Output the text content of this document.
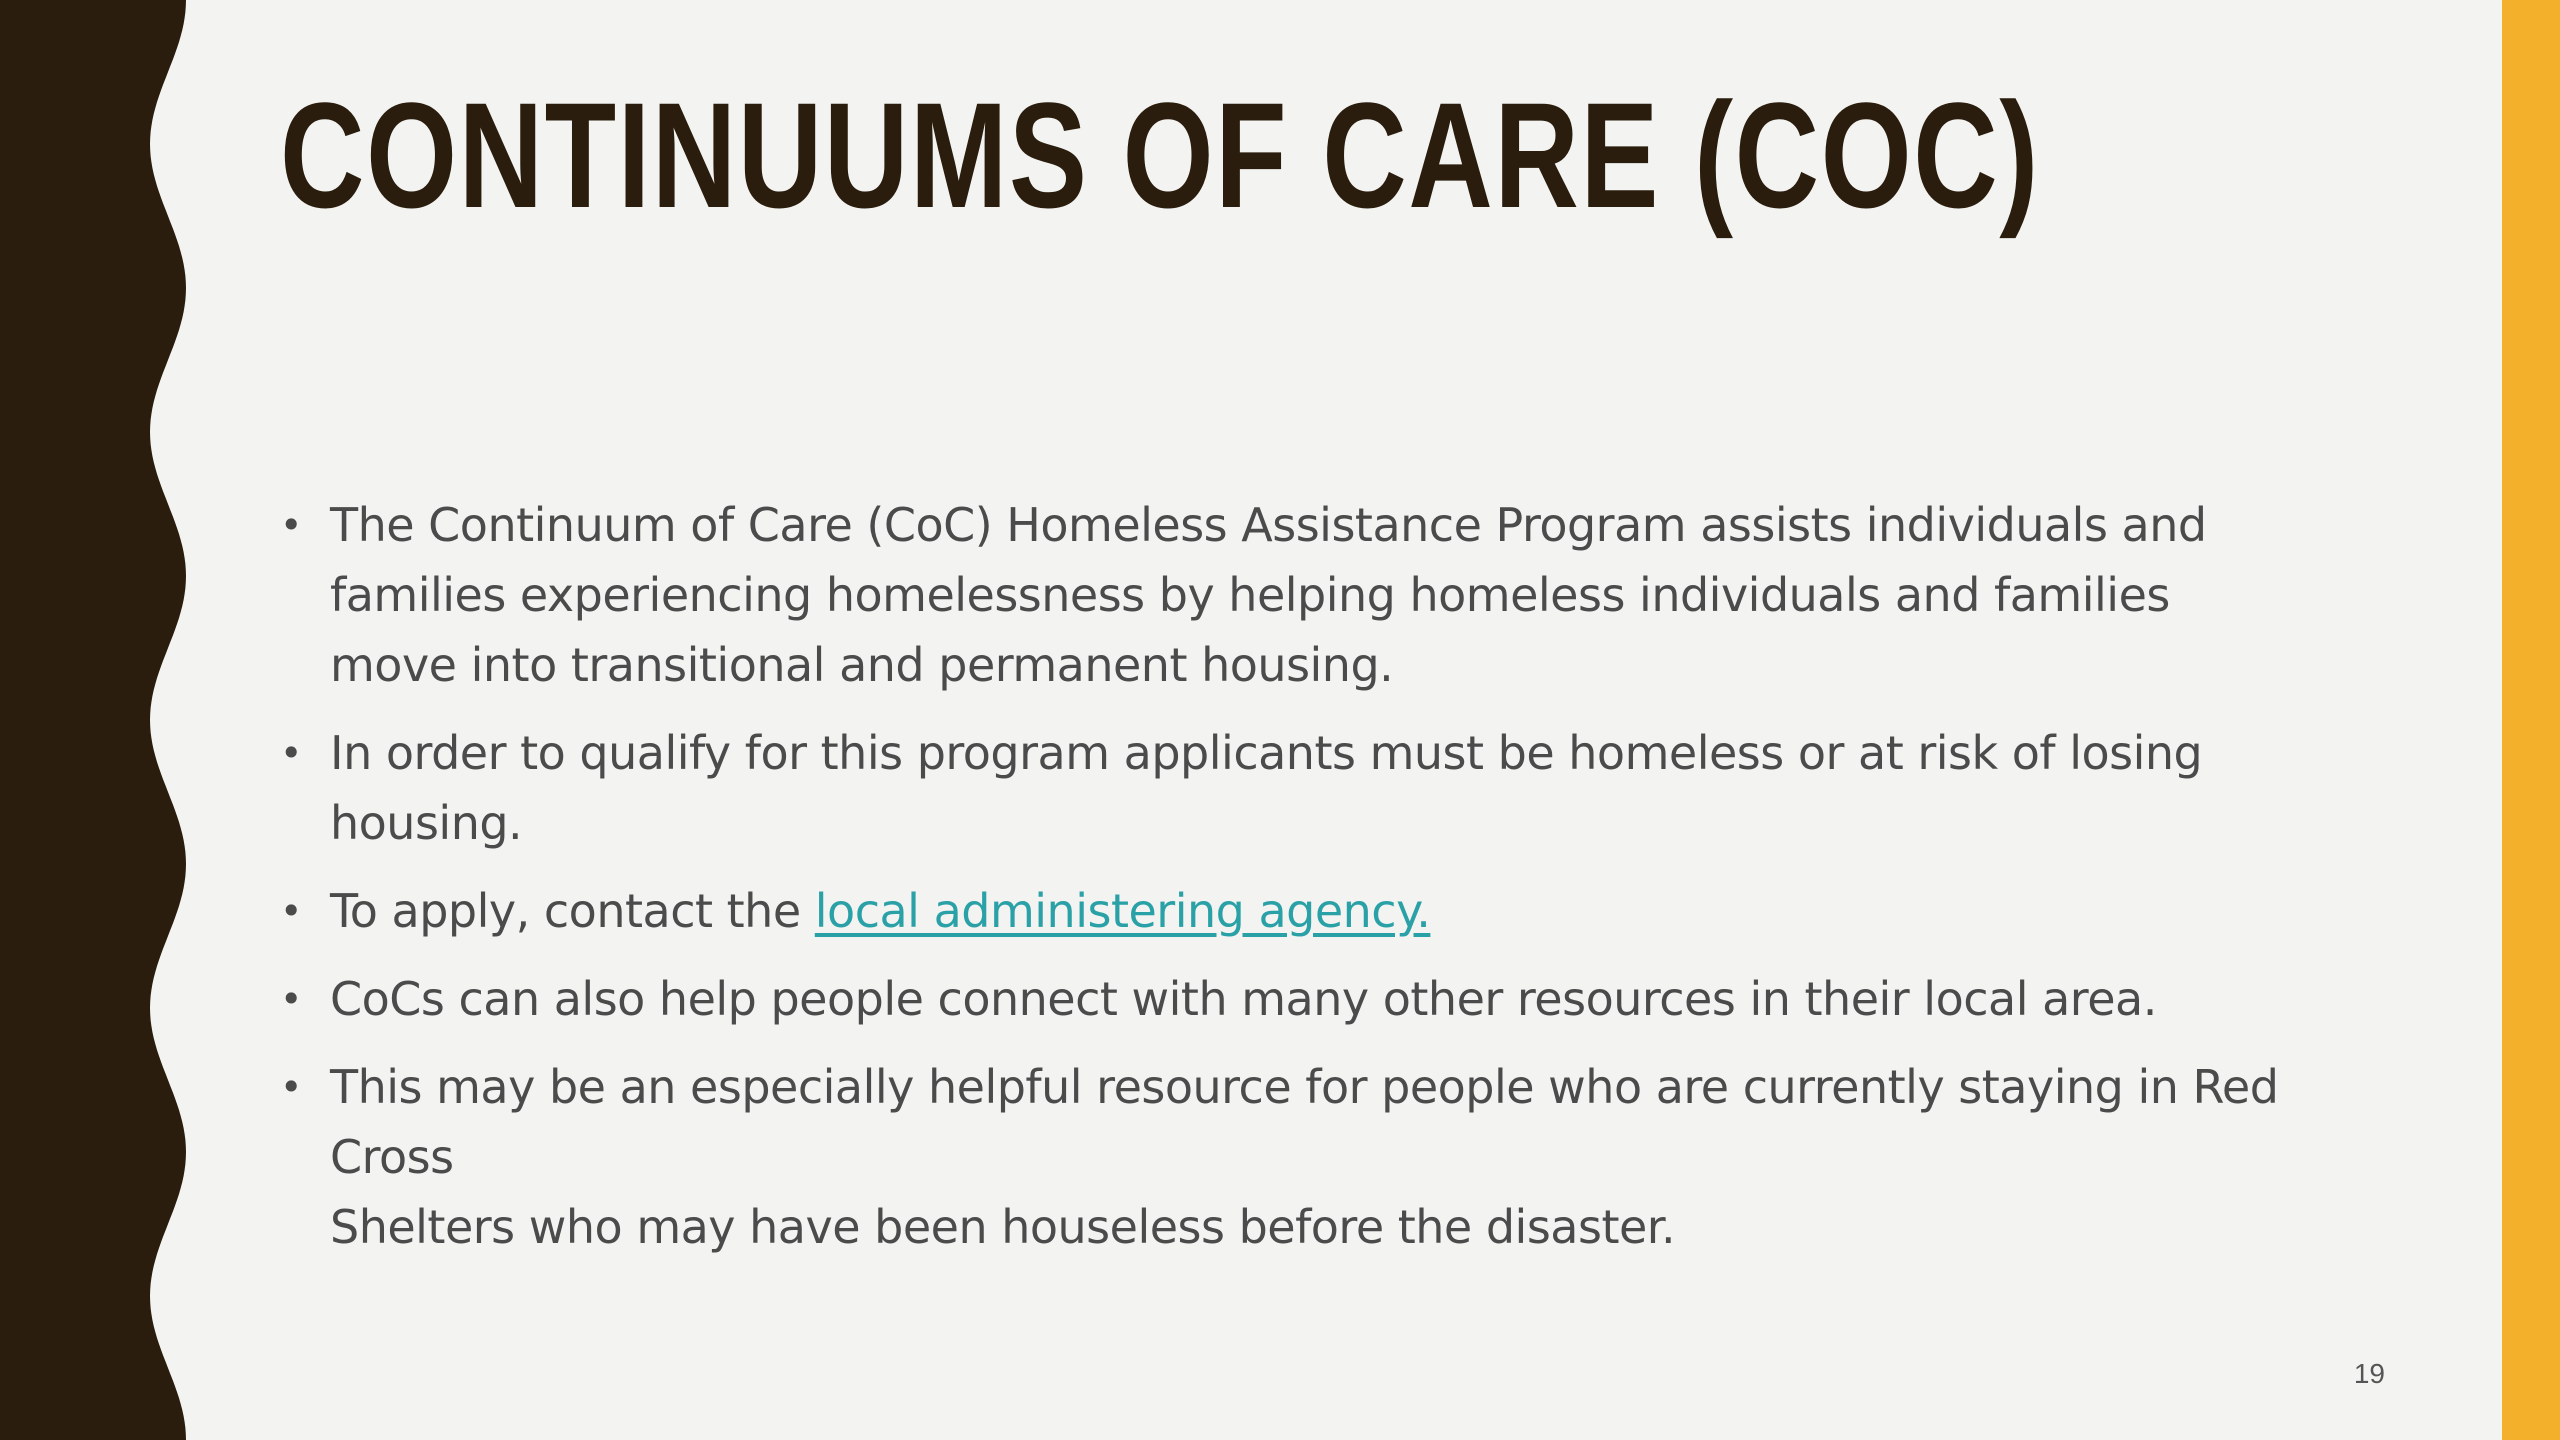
CONTINUUMS OF CARE (COC)
• The Continuum of Care (CoC) Homeless Assistance Program assists individuals and
families experiencing homelessness by helping homeless individuals and families
move into transitional and permanent housing.
• In order to qualify for this program applicants must be homeless or at risk of losing housing.
• To apply, contact the local administering agency.
• CoCs can also help people connect with many other resources in their local area.
• This may be an especially helpful resource for people who are currently staying in Red Cross
Shelters who may have been houseless before the disaster.
19
